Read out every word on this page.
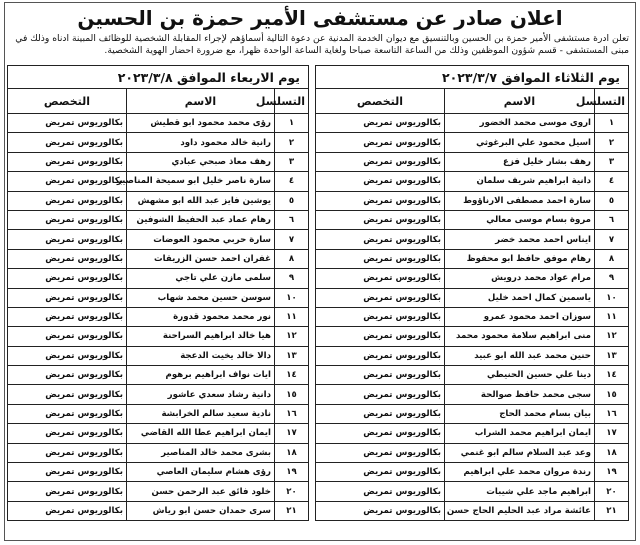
اعلان صادر عن مستشفى الأمير حمزة بن الحسين
تعلن ادرة مستشفى الأمير حمزة بن الحسين وبالتنسيق مع ديوان الخدمة المدنية عن دعوة التالية أسماؤهم لإجراء المقابلة الشخصية للوظائف المبينة ادناه وذلك في مبنى المستشفى - قسم شؤون الموظفين وذلك من الساعة التاسعة صباحا ولغاية الساعة الواحدة ظهرا، مع ضرورة احضار الهوية الشخصية.
يوم الثلاثاء الموافق ٢٠٢٣/٣/٧		
التسلسل	الاسم	التخصص
١	اروى موسى محمد الخضور	بكالوريوس تمريض
٢	اسيل محمود علي البرغوثي	بكالوريوس تمريض
٣	رهف بشار خليل فزع	بكالوريوس تمريض
٤	دانية ابراهيم شريف سلمان	بكالوريوس تمريض
٥	سارة احمد مصطفى الارناؤوط	بكالوريوس تمريض
٦	مروة بسام موسى معالي	بكالوريوس تمريض
٧	ايناس احمد محمد خضر	بكالوريوس تمريض
٨	رهام موفق حافظ ابو محفوظ	بكالوريوس تمريض
٩	مرام عواد محمد درويش	بكالوريوس تمريض
١٠	ياسمين كمال احمد خليل	بكالوريوس تمريض
١١	سوزان احمد محمود عمرو	بكالوريوس تمريض
١٢	منى ابراهيم سلامة محمود محمد	بكالوريوس تمريض
١٣	حنين محمد عبد الله ابو عبيد	بكالوريوس تمريض
١٤	دينا علي حسين الحنيطي	بكالوريوس تمريض
١٥	سجى محمد حافظ صوالحة	بكالوريوس تمريض
١٦	بيان بسام محمد الحاج	بكالوريوس تمريض
١٧	ايمان ابراهيم محمد الشراب	بكالوريوس تمريض
١٨	وعد عبد السلام سالم ابو غنمي	بكالوريوس تمريض
١٩	رندة مروان محمد علي ابراهيم	بكالوريوس تمريض
٢٠	ابراهيم ماجد علي شيبات	بكالوريوس تمريض
٢١	عائشة مراد عبد الحليم الحاج حسن	بكالوريوس تمريض
يوم الاربعاء الموافق ٢٠٢٣/٣/٨		
التسلسل	الاسم	التخصص
١	رؤى محمد محمود ابو قطيش	بكالوريوس تمريض
٢	رانية خالد محمود داود	بكالوريوس تمريض
٣	رهف معاذ صبحي عبادي	بكالوريوس تمريض
٤	سارة ناصر خليل ابو سميحة المناصير	بكالوريوس تمريض
٥	يوشين فايز عبد الله ابو مشهش	بكالوريوس تمريض
٦	رهام عماد عبد الحفيظ الشوفين	بكالوريوس تمريض
٧	سارة حربي محمود العوضات	بكالوريوس تمريض
٨	غفران احمد حسن الزريقات	بكالوريوس تمريض
٩	سلمى مازن علي تاجي	بكالوريوس تمريض
١٠	سوسن حسين محمد شهاب	بكالوريوس تمريض
١١	نور محمد محمود قدورة	بكالوريوس تمريض
١٢	هيا خالد ابراهيم السراحنة	بكالوريوس تمريض
١٣	دالا خالد يخيت الدعجة	بكالوريوس تمريض
١٤	ايات نواف ابراهيم برهوم	بكالوريوس تمريض
١٥	دانية رشاد سعدي عاشور	بكالوريوس تمريض
١٦	نادية سعيد سالم الخرابشة	بكالوريوس تمريض
١٧	ايمان ابراهيم عطا الله القاضي	بكالوريوس تمريض
١٨	بشرى محمد خالد المناصير	بكالوريوس تمريض
١٩	رؤى هشام سليمان العاصي	بكالوريوس تمريض
٢٠	خلود فائق عبد الرحمن حسن	بكالوريوس تمريض
٢١	سرى حمدان حسن ابو رياش	بكالوريوس تمريض
